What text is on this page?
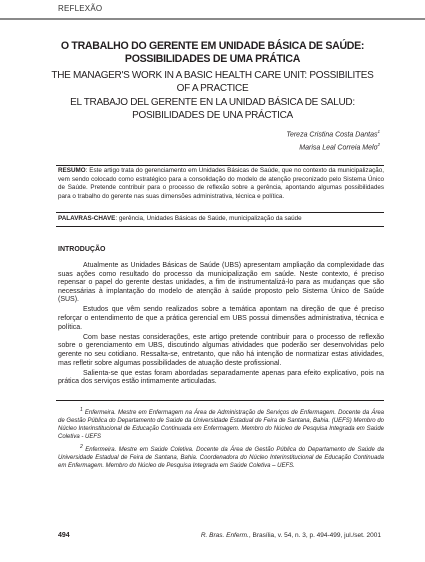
REFLEXÃO
O TRABALHO DO GERENTE EM UNIDADE BÁSICA DE SAÚDE:
POSSIBILIDADES DE UMA PRÁTICA
THE MANAGER'S WORK IN A BASIC HEALTH CARE UNIT: POSSIBILITES
OF A PRACTICE
EL TRABAJO DEL GERENTE EN LA UNIDAD BÁSICA DE SALUD:
POSIBILIDADES DE UNA PRÁCTICA
Tereza Cristina Costa Dantas$^1$
Marisa Leal Correia Melo$^2$
RESUMO: Este artigo trata do gerenciamento em Unidades Básicas de Saúde, que no contexto da municipalização, vem sendo colocado como estratégico para a consolidação do modelo de atenção preconizado pelo Sistema Único de Saúde. Pretende contribuir para o processo de reflexão sobre a gerência, apontando algumas possibilidades para o trabalho do gerente nas suas dimensões administrativa, técnica e política.
PALAVRAS-CHAVE: gerência, Unidades Básicas de Saúde, municipalização da saúde
INTRODUÇÃO

Atualmente as Unidades Básicas de Saúde (UBS) apresentam ampliação da complexidade das suas ações como resultado do processo da municipalização em saúde. Neste contexto, é preciso repensar o papel do gerente destas unidades, a fim de instrumentalizá-lo para as mudanças que são necessárias à implantação do modelo de atenção à saúde proposto pelo Sistema Único de Saúde (SUS).

Estudos que vêm sendo realizados sobre a temática apontam na direção de que é preciso reforçar o entendimento de que a prática gerencial em UBS possui dimensões administrativa, técnica e política.

Com base nestas considerações, este artigo pretende contribuir para o processo de reflexão sobre o gerenciamento em UBS, discutindo algumas atividades que poderão ser desenvolvidas pelo gerente no seu cotidiano. Ressalta-se, entretanto, que não há intenção de normatizar estas atividades, mas refletir sobre algumas possibilidades de atuação deste profissional.

Salienta-se que estas foram abordadas separadamente apenas para efeito explicativo, pois na prática dos serviços estão intimamente articuladas.

$^1$ Enfermeira. Mestre em Enfermagem na Área de Administração de Serviços de Enfermagem. Docente da Área de Gestão Pública do Departamento de Saúde da Universidade Estadual de Feira de Santana, Bahia. (UEFS) Membro do Núcleo Interinstitucional de Educação Continuada em Enfermagem. Membro do Núcleo de Pesquisa Integrada em Saúde Coletiva - UEFS

$^2$ Enfermeira. Mestre em Saúde Coletiva. Docente da Área de Gestão Pública do Departamento de Saúde da Universidade Estadual de Feira de Santana, Bahia. Coordenadora do Núcleo Interinstitucional de Educação Continuada em Enfermagem. Membro do Núcleo de Pesquisa Integrada em Saúde Coletiva – UEFS.

494	R. Bras. Enferm., Brasília, v. 54, n. 3, p. 494-499, jul./set. 2001
